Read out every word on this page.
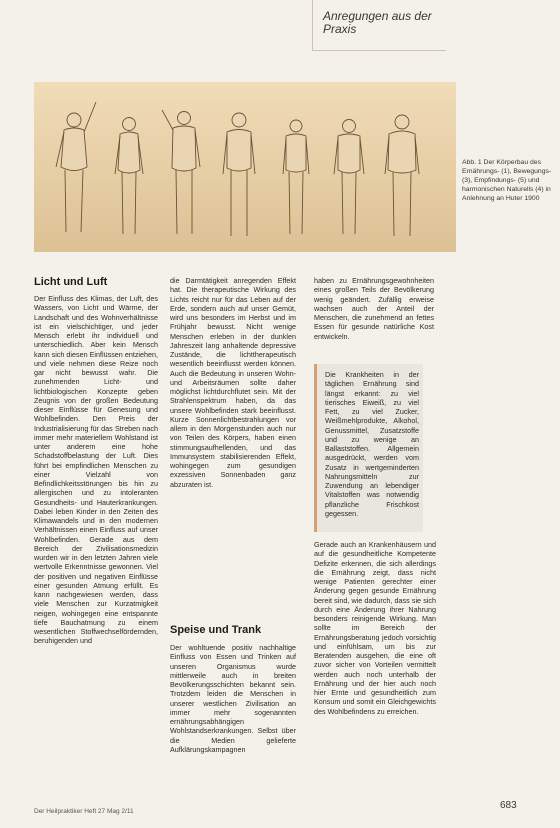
Anregungen aus der Praxis
Abb. 1 Der Körperbau des Ernährungs- (1), Bewegungs- (3), Empfindungs- (5) und harmonischen Naturells (4) in Anlehnung an Huter 1900
Licht und Luft

Der Einfluss des Klimas, der Luft, des Wassers, von Licht und Wärme, der Landschaft und des Wohnverhältnisse ist ein vielschichtiger, und jeder Mensch erlebt ihr individuell und unterschiedlich. Aber kein Mensch kann sich diesen Einflüssen entziehen, und viele nehmen diese Reize noch gar nicht bewusst wahr. Die zunehmenden Licht- und lichtbiologischen Konzepte geben Zeugnis von der großen Bedeutung dieser Einflüsse für Genesung und Wohlbefinden. Den Preis der Industrialisierung für das Streben nach immer mehr materiellem Wohlstand ist unter anderem eine hohe Schadstoffbelastung der Luft. Dies führt bei empfindlichen Menschen zu einer Vielzahl von Befindlichkeitsstörungen bis hin zu allergischen und zu intoleranten Gesundheits- und Hauterkrankungen. Dabei leben Kinder in den Zeiten des Klimawandels und in den modernen Verhältnissen einen Einfluss auf unser Wohlbefinden. Gerade aus dem Bereich der Zivilisationsmedizin wurden wir in den letzten Jahren viele wertvolle Erkenntnisse gewonnen. Viel der positiven und negativen Einflüsse einer gesunden Atmung erfüllt. Es kann nachgewiesen werden, dass viele Menschen zur Kurzatmigkeit neigen, wohingegen eine entspannte tiefe Bauchatmung zu einem wesentlichen Stoffwechselfördernden, beruhigenden und

die Darmtätigkeit anregenden Effekt hat. Die therapeutische Wirkung des Lichts reicht nur für das Leben auf der Erde, sondern auch auf unser Gemüt, wird uns besonders im Herbst und im Frühjahr bewusst. Nicht wenige Menschen erleben in der dunklen Jahreszeit lang anhaltende depressive Zustände, die lichttherapeutisch wesentlich beeinflusst werden können. Auch die Bedeutung in unseren Wohn- und Arbeitsräumen sollte daher möglichst lichtdurchflutet sein. Mit der Strahlenspektrum haben, da das unsere Wohlbefinden stark beeinflusst. Kurze Sonnenlichtbestrahlungen vor allem in den Morgenstunden auch nur von Teilen des Körpers, haben einen stimmungsaufhellenden, und das Immunsystem stabilisierenden Effekt, wohingegen zum gesundigen exzessiven Sonnenbaden ganz abzuraten ist.

Speise und Trank

Der wohltuende positiv nachhaltige Einfluss von Essen und Trinken auf unseren Organismus wurde mittlerweile auch in breiten Bevölkerungsschichten bekannt sein. Trotzdem leiden die Menschen in unserer westlichen Zivilisation an immer mehr sogenannten ernährungsabhängigen Wohlstandserkrankungen. Selbst über die Medien gelieferte Aufklärungskampagnen

haben zu Ernährungsgewohnheiten eines großen Teils der Bevölkerung wenig geändert. Zufällig erweise wachsen auch der Anteil der Menschen, die zunehmend an fettes Essen für gesunde natürliche Kost entwickeln.

Die Krankheiten in der täglichen Ernährung sind längst erkannt: zu viel tierisches Eiweiß, zu viel Fett, zu viel Zucker, Weißmehlprodukte, Alkohol, Genussmittel, Zusatzstoffe und zu wenige an Ballaststoffen. Allgemein ausgedrückt, werden vom Zusatz in wertgeminderten Nahrungsmitteln zur Zuwendung an lebendiger Vitalstoffen was notwendig pflanzliche Frischkost gegessen.

Gerade auch an Krankenhäusern und auf die gesundheitliche Kompetente Defizite erkennen, die sich allerdings die Ernährung zeigt, dass nicht wenige Patienten gerechter einer Änderung gegen gesunde Ernährung bereit sind, wie dadurch, dass sie sich durch eine Änderung ihrer Nahrung besonders reinigende Wirkung. Man sollte im Bereich der Ernährungsberatung jedoch vorsichtig und einfühlsam, um bis zur Beratenden ausgehen, die eine oft zuvor sicher von Vorteilen vermittelt werden auch noch unterhalb der Ernährung und der hier auch noch hier Ernte und gesundheitlich zum Konsum und somit ein Gleichgewichts des Wohlbefindens zu erreichen.

Der Heilpraktiker Heft 27 Mag 2/11
683
